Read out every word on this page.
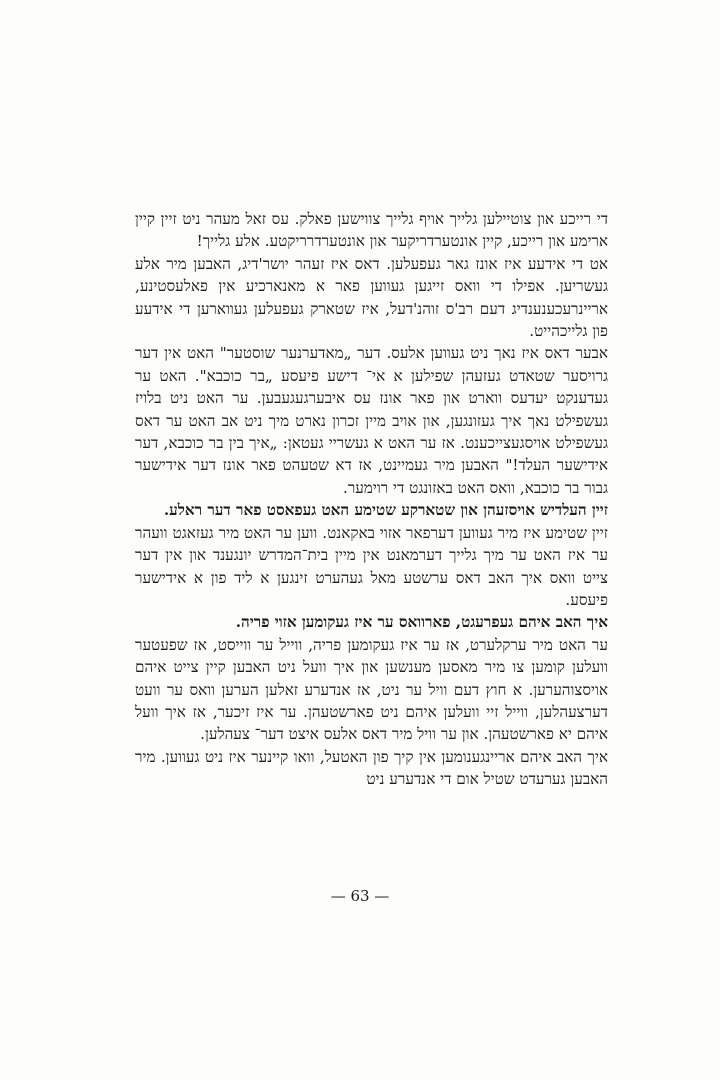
די רייכע און צוטיילען גלייך אויף גלייך צווישען פאלק. עס זאל מעהר ניט זיין קיין ארימע און רייכע, קיין אונטערדריקער און אונטערדרריקטע. אלע גלייך!

אט די אידעע איז אונז גאר געפעלען. דאס איז זעהר יושר'דיג, האבען מיר אלע געשריען. אפילו די וואס זייגען געווען פאר א מאנארכיע אין פאלעסטינע, אריינרעכענענדיג דעם רב'ס זוהנ'דעל, איז שטארק געפעלען געווארען די אידעע פון גלייכהייט.

אבער דאס איז נאך ניט געווען אלעס. דער „מאדערנער שוסטער" האט אין דער גרויסער שטאדט געזעהן שפילען א אי־ דישע פיעסע „בר כוכבא". האט ער געדענקט יעדעס ווארט און פאר אונז עס איבערגעגעבען. ער האט ניט בלויז געשפילט נאך איך געזונגען, און אויב מיין זכרון נארט מיך ניט אב האט ער דאס געשפילט אויסגעצייכענט. אז ער האט א געשריי געטאן: „איך בין בר כוכבא, דער אידישער העלד!" האבען מיר געמיינט, אז דא שטעהט פאר אונז דער אידישער גבור בר כוכבא, וואס האט באזונגט די רוימער.

זיין העלדיש אויסזעהן און שטארקע שטימע האט געפאסט פאר דער ראלע.

זיין שטימע איז מיר געווען דערפאר אזוי באקאנט. ווען ער האט מיר געזאגט וועהר ער איז האט ער מיך גלייך דערמאנט אין מיין בית־המדרש יונגענד און אין דער צייט וואס איך האב דאס ערשטע מאל געהערט זינגען א ליד פון א אידישער פיעסע.

איך האב איהם געפרעגט, פארוואס ער איז געקומען אזוי פריה.

ער האט מיר ערקלערט, אז ער איז געקומען פריה, ווייל ער ווייסט, אז שפעטער וועלען קומען צו מיר מאסען מענשען און איך וועל ניט האבען קיין צייט איהם אויסצוהערען. א חוץ דעם וויל ער ניט, אז אנדערע זאלען הערען וואס ער וועט דערצעהלען, ווייל זיי וועלען איהם ניט פארשטעהן. ער איז זיכער, אז איך וועל איהם יא פארשטעהן. און ער וויל מיר דאס אלעס איצט דער־ צעהלען.

איך האב איהם אריינגענומען אין קיך פון האטעל, וואו קיינער איז ניט געווען. מיר האבען גערעדט שטיל אום די אנדערע ניט

— 63 —
